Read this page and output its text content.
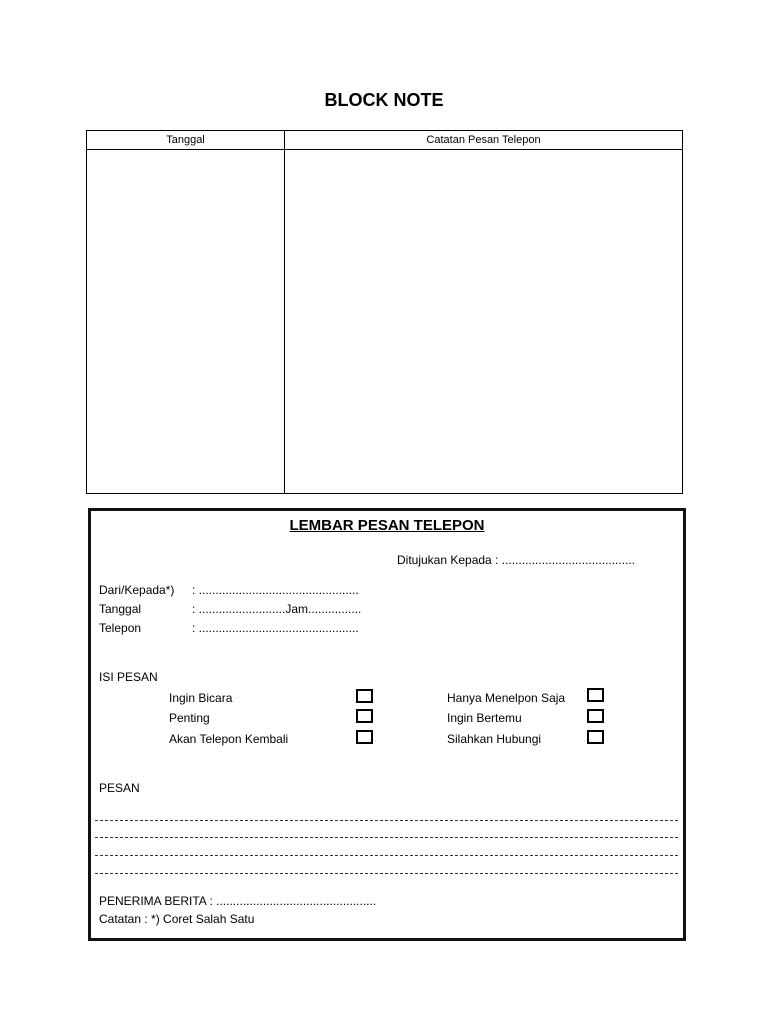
BLOCK NOTE
Tanggal	Catatan Pesan Telepon
LEMBAR PESAN TELEPON
Ditujukan Kepada : ........................................
Dari/Kepada*) : ................................................
Tanggal	: ..........................Jam................
Telepon	: ................................................
ISI PESAN
Ingin Bicara
Penting
Akan Telepon Kembali
Hanya Menelpon Saja
Ingin Bertemu
Silahkan Hubungi
PESAN
PENERIMA BERITA : ................................................
Catatan : *) Coret Salah Satu
